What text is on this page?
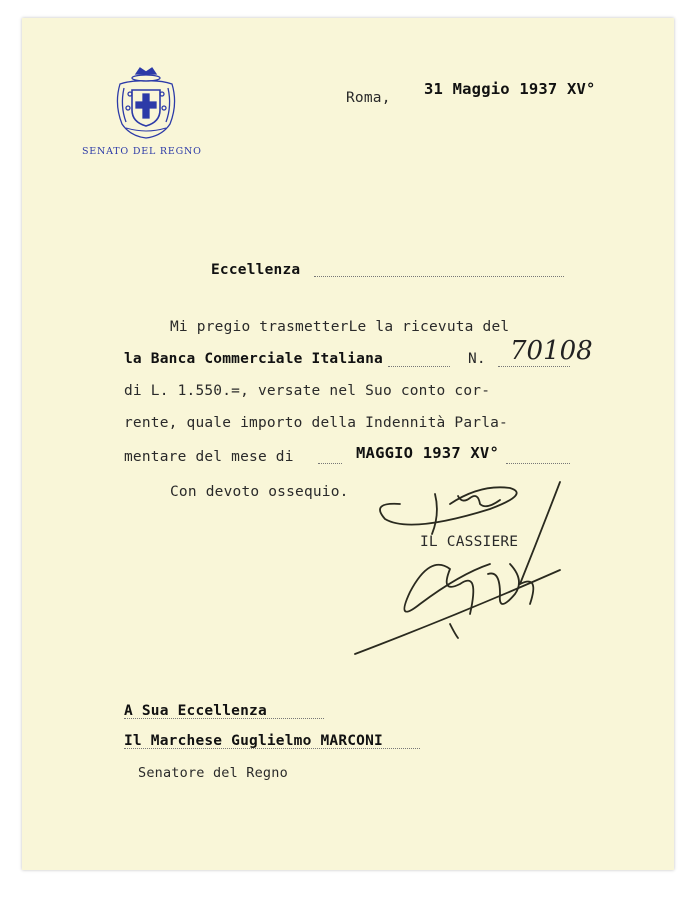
SENATO DEL REGNO
Roma, 31 Maggio 1937 XV°
Eccellenza
Mi pregio trasmetterLe la ricevuta del
la Banca Commerciale Italiana	N. 70108
di L. 1.550.=, versate nel Suo conto cor-
rente, quale importo della Indennità Parla-
mentare del mese di	MAGGIO 1937 XV°
Con devoto ossequio.
IL CASSIERE
A Sua Eccellenza
Il Marchese Guglielmo MARCONI
Senatore del Regno
